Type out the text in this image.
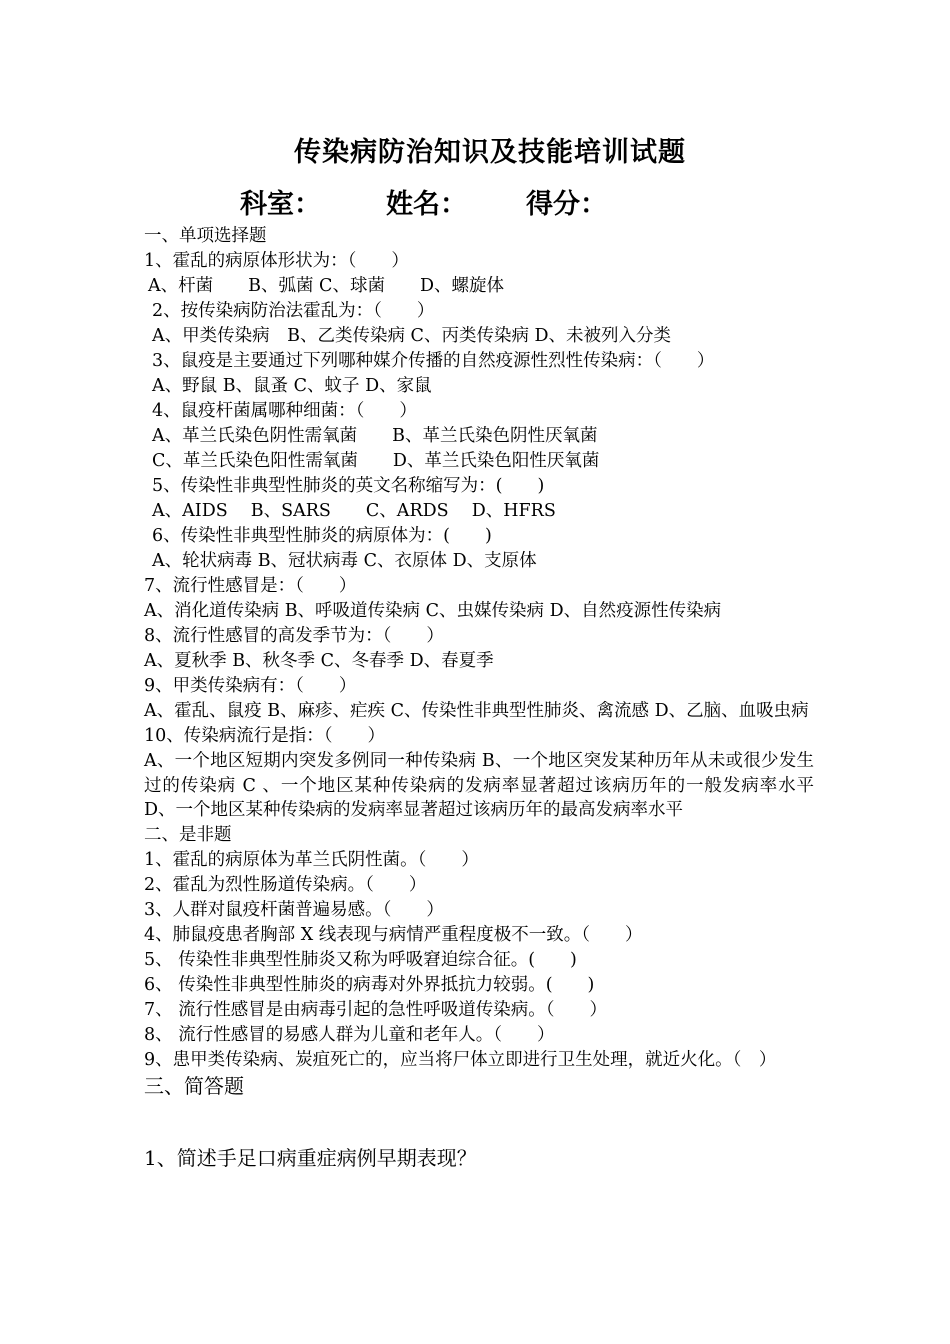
传染病防治知识及技能培训试题
科室： 姓名： 得分：
一、单项选择题
1、霍乱的病原体形状为：（　　）
A、杆菌　　B、弧菌 C、球菌　　D、螺旋体
2、按传染病防治法霍乱为：（　　）
A、甲类传染病　B、乙类传染病 C、丙类传染病 D、未被列入分类
3、鼠疫是主要通过下列哪种媒介传播的自然疫源性烈性传染病：（　　）
A、野鼠 B、鼠蚤 C、蚊子 D、家鼠
4、鼠疫杆菌属哪种细菌：（　　）
A、革兰氏染色阴性需氧菌　　B、革兰氏染色阴性厌氧菌
C、革兰氏染色阳性需氧菌　　D、革兰氏染色阳性厌氧菌
5、传染性非典型性肺炎的英文名称缩写为：(　　)
A、AIDS　 B、SARS　　C、ARDS　 D、HFRS
6、传染性非典型性肺炎的病原体为：(　　)
A、轮状病毒 B、冠状病毒 C、衣原体 D、支原体
7、流行性感冒是：（　　）
A、消化道传染病 B、呼吸道传染病 C、虫媒传染病 D、自然疫源性传染病
8、流行性感冒的高发季节为：（　　）
A、夏秋季 B、秋冬季 C、冬春季 D、春夏季
9、甲类传染病有：（　　）
A、霍乱、鼠疫 B、麻疹、疟疾 C、传染性非典型性肺炎、禽流感 D、乙脑、血吸虫病
10、传染病流行是指：（　　）
A、一个地区短期内突发多例同一种传染病 B、一个地区突发某种历年从未或很少发生过的传染病 C 、一个地区某种传染病的发病率显著超过该病历年的一般发病率水平 D、一个地区某种传染病的发病率显著超过该病历年的最高发病率水平
二、是非题
1、霍乱的病原体为革兰氏阴性菌。（　　）
2、霍乱为烈性肠道传染病。（　　）
3、人群对鼠疫杆菌普遍易感。（　　）
4、肺鼠疫患者胸部 X 线表现与病情严重程度极不一致。（　　）
5、 传染性非典型性肺炎又称为呼吸窘迫综合征。(　　)
6、 传染性非典型性肺炎的病毒对外界抵抗力较弱。(　　)
7、 流行性感冒是由病毒引起的急性呼吸道传染病。（　　）
8、 流行性感冒的易感人群为儿童和老年人。（　　）
9、患甲类传染病、炭疽死亡的，应当将尸体立即进行卫生处理，就近火化。（　）
三、简答题
1、简述手足口病重症病例早期表现？
